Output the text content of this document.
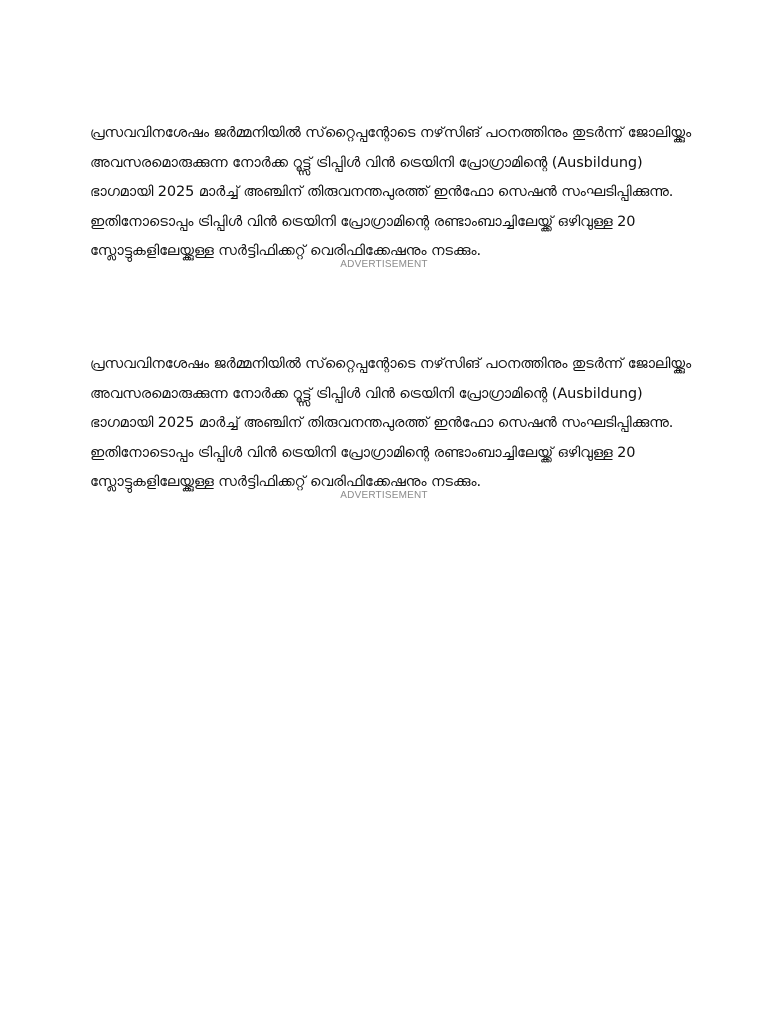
പ്രസവവിനശേഷം ജർമ്മനിയിൽ സ്‌റ്റൈപ്പന്റോടെ നഴ്‌സിങ് പഠനത്തിനും തുടർന്ന് ജോലിയ്ക്കും
അവസരമൊരുക്കുന്ന നോർക്ക റൂട്ട്സ് ട്രിപ്പിൾ വിൻ ട്രെയിനി പ്രോഗ്രാമിന്റെ (Ausbildung)
ഭാഗമായി 2025 മാർച്ച് അഞ്ചിന് തിരുവനന്തപുരത്ത് ഇൻഫോ സെഷൻ സംഘടിപ്പിക്കുന്നു.
ഇതിനോടൊപ്പം ട്രിപ്പിൾ വിൻ ട്രെയിനി പ്രോഗ്രാമിന്റെ രണ്ടാംബാച്ചിലേയ്ക്ക് ഒഴിവുള്ള 20
സ്ലോട്ടുകളിലേയ്ക്കുള്ള സർട്ടിഫിക്കറ്റ് വെരിഫിക്കേഷനും നടക്കും.

ADVERTISEMENT

പ്രസവവിനശേഷം ജർമ്മനിയിൽ സ്‌റ്റൈപ്പന്റോടെ നഴ്‌സിങ് പഠനത്തിനും തുടർന്ന് ജോലിയ്ക്കും
അവസരമൊരുക്കുന്ന നോർക്ക റൂട്ട്സ് ട്രിപ്പിൾ വിൻ ട്രെയിനി പ്രോഗ്രാമിന്റെ (Ausbildung)
ഭാഗമായി 2025 മാർച്ച് അഞ്ചിന് തിരുവനന്തപുരത്ത് ഇൻഫോ സെഷൻ സംഘടിപ്പിക്കുന്നു.
ഇതിനോടൊപ്പം ട്രിപ്പിൾ വിൻ ട്രെയിനി പ്രോഗ്രാമിന്റെ രണ്ടാംബാച്ചിലേയ്ക്ക് ഒഴിവുള്ള 20
സ്ലോട്ടുകളിലേയ്ക്കുള്ള സർട്ടിഫിക്കറ്റ് വെരിഫിക്കേഷനും നടക്കും.

ADVERTISEMENT
